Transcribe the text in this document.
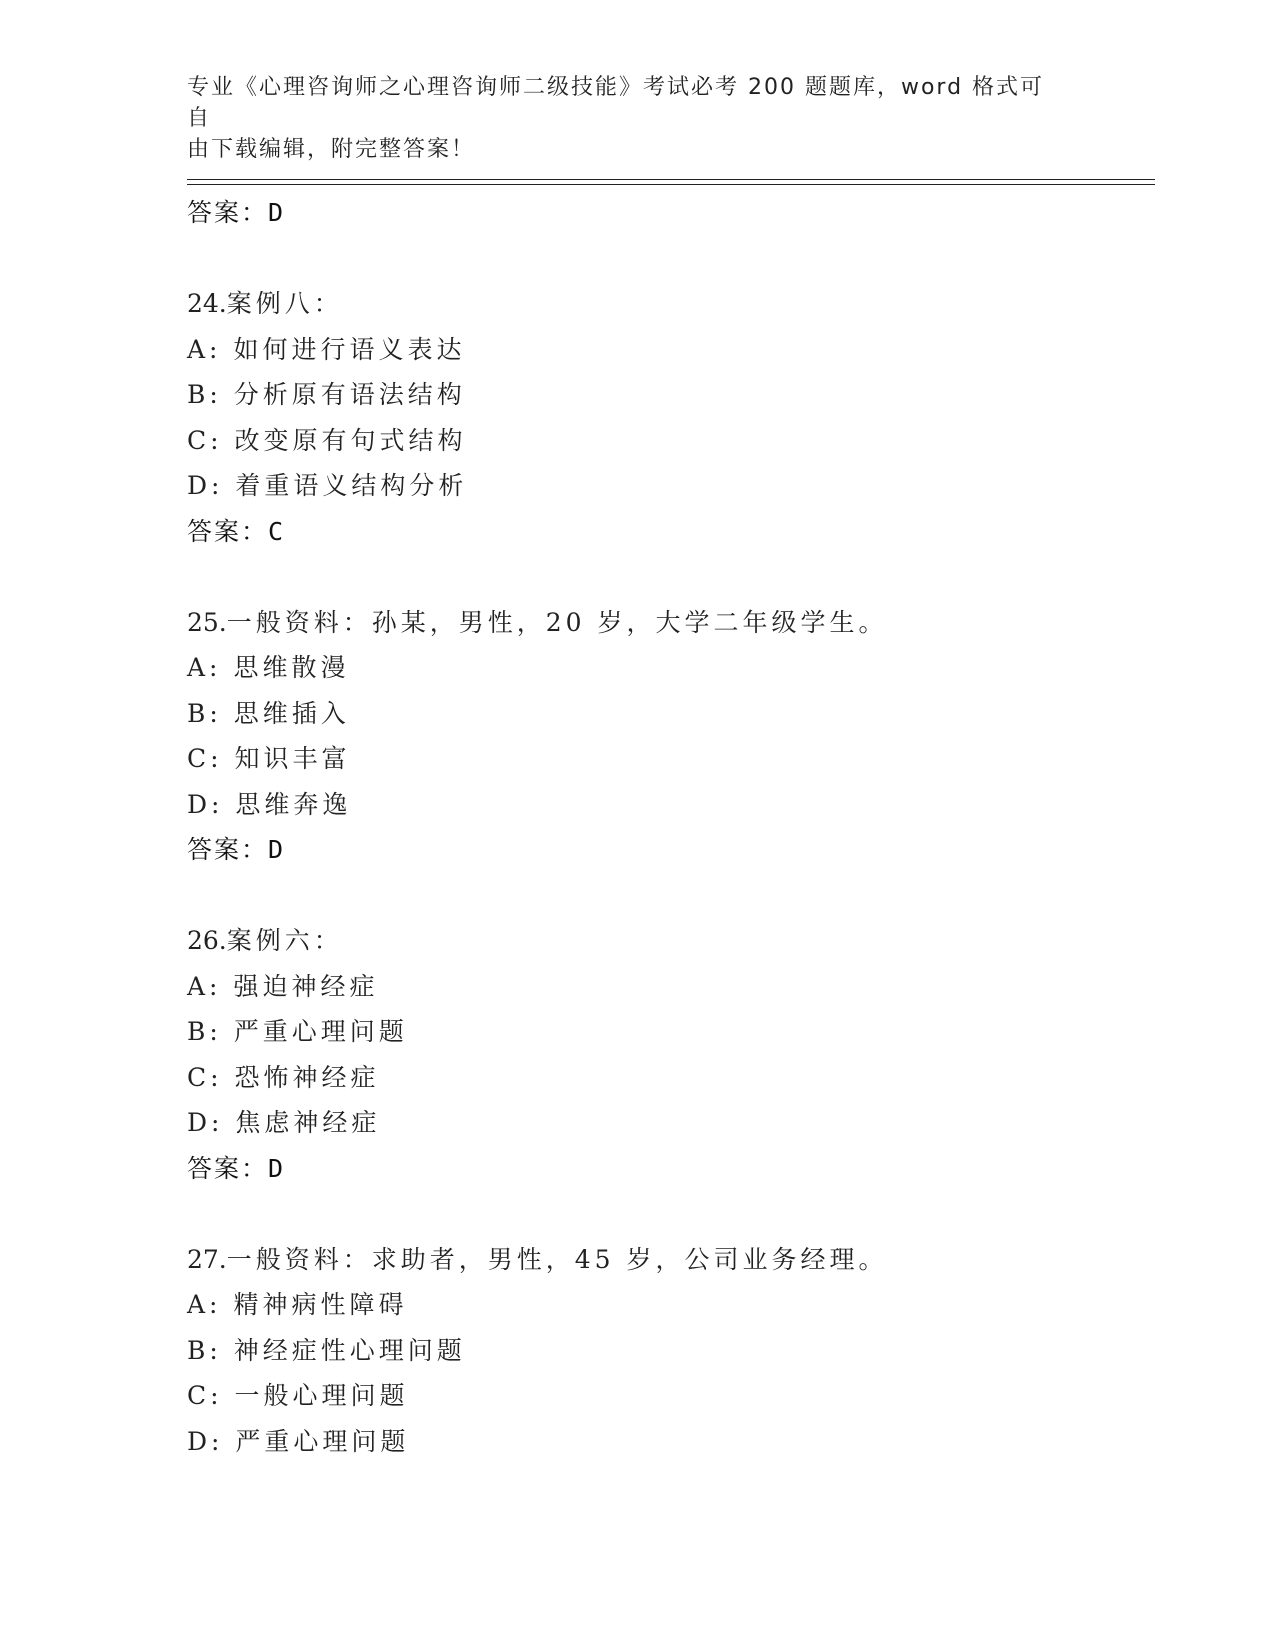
专业《心理咨询师之心理咨询师二级技能》考试必考 200 题题库，word 格式可自
由下载编辑，附完整答案！
答案：D
24.案例八：
A: 如何进行语义表达
B: 分析原有语法结构
C: 改变原有句式结构
D: 着重语义结构分析
答案：C
25.一般资料：孙某，男性，20 岁，大学二年级学生。
A: 思维散漫
B: 思维插入
C: 知识丰富
D: 思维奔逸
答案：D
26.案例六：
A: 强迫神经症
B: 严重心理问题
C: 恐怖神经症
D: 焦虑神经症
答案：D
27.一般资料：求助者，男性，45 岁，公司业务经理。
A: 精神病性障碍
B: 神经症性心理问题
C: 一般心理问题
D: 严重心理问题
